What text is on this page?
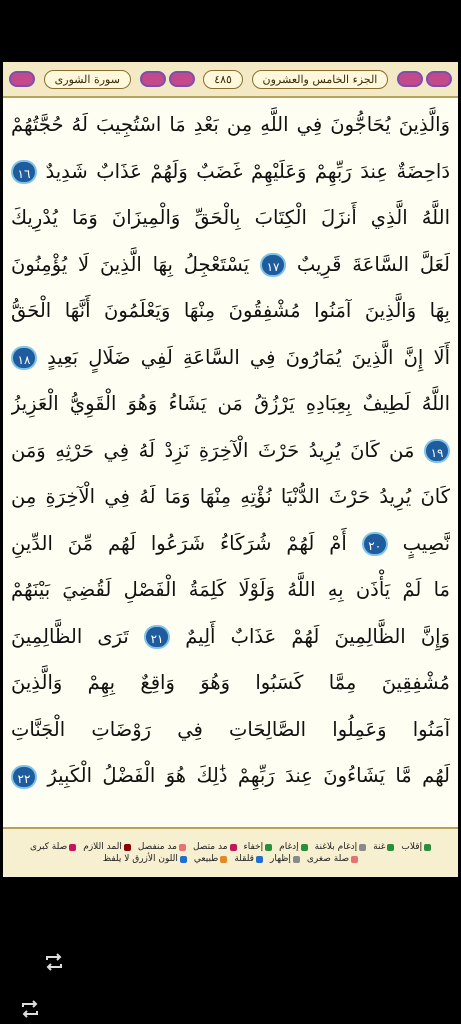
الجزء الخامس والعشرون
٤٨٥
سورة الشورى
وَالَّذِينَ يُحَاجُّونَ فِي اللَّهِ مِن بَعْدِ مَا اسْتُجِيبَ لَهُ حُجَّتُهُمْ
دَاحِضَةٌ عِندَ رَبِّهِمْ وَعَلَيْهِمْ غَضَبٌ وَلَهُمْ عَذَابٌ شَدِيدٌ ١٦
اللَّهُ الَّذِي أَنزَلَ الْكِتَابَ بِالْحَقِّ وَالْمِيزَانَ وَمَا يُدْرِيكَ
لَعَلَّ السَّاعَةَ قَرِيبٌ ١٧ يَسْتَعْجِلُ بِهَا الَّذِينَ لَا يُؤْمِنُونَ
بِهَا وَالَّذِينَ آمَنُوا مُشْفِقُونَ مِنْهَا وَيَعْلَمُونَ أَنَّهَا الْحَقُّ
أَلَا إِنَّ الَّذِينَ يُمَارُونَ فِي السَّاعَةِ لَفِي ضَلَالٍ بَعِيدٍ ١٨
اللَّهُ لَطِيفٌ بِعِبَادِهِ يَرْزُقُ مَن يَشَاءُ وَهُوَ الْقَوِيُّ الْعَزِيزُ
١٩ مَن كَانَ يُرِيدُ حَرْثَ الْآخِرَةِ نَزِدْ لَهُ فِي حَرْثِهِ وَمَن
كَانَ يُرِيدُ حَرْثَ الدُّنْيَا نُؤْتِهِ مِنْهَا وَمَا لَهُ فِي الْآخِرَةِ مِن
نَّصِيبٍ ٢٠ أَمْ لَهُمْ شُرَكَاءُ شَرَعُوا لَهُم مِّنَ الدِّينِ
مَا لَمْ يَأْذَن بِهِ اللَّهُ وَلَوْلَا كَلِمَةُ الْفَصْلِ لَقُضِيَ بَيْنَهُمْ
وَإِنَّ الظَّالِمِينَ لَهُمْ عَذَابٌ أَلِيمٌ ٢١ تَرَى الظَّالِمِينَ
مُشْفِقِينَ مِمَّا كَسَبُوا وَهُوَ وَاقِعٌ بِهِمْ وَالَّذِينَ
آمَنُوا وَعَمِلُوا الصَّالِحَاتِ فِي رَوْضَاتِ الْجَنَّاتِ
لَهُم مَّا يَشَاءُونَ عِندَ رَبِّهِمْ ذَٰلِكَ هُوَ الْفَضْلُ الْكَبِيرُ ٢٢
إقلاب
غنة
إدغام بلاغنة
إدغام
إخفاء
مد متصل
مد منفصل
المد اللازم
صلة كبرى
صلة صغرى
إظهار
قلقلة
طبيعي
اللون الأزرق لا يلفظ
